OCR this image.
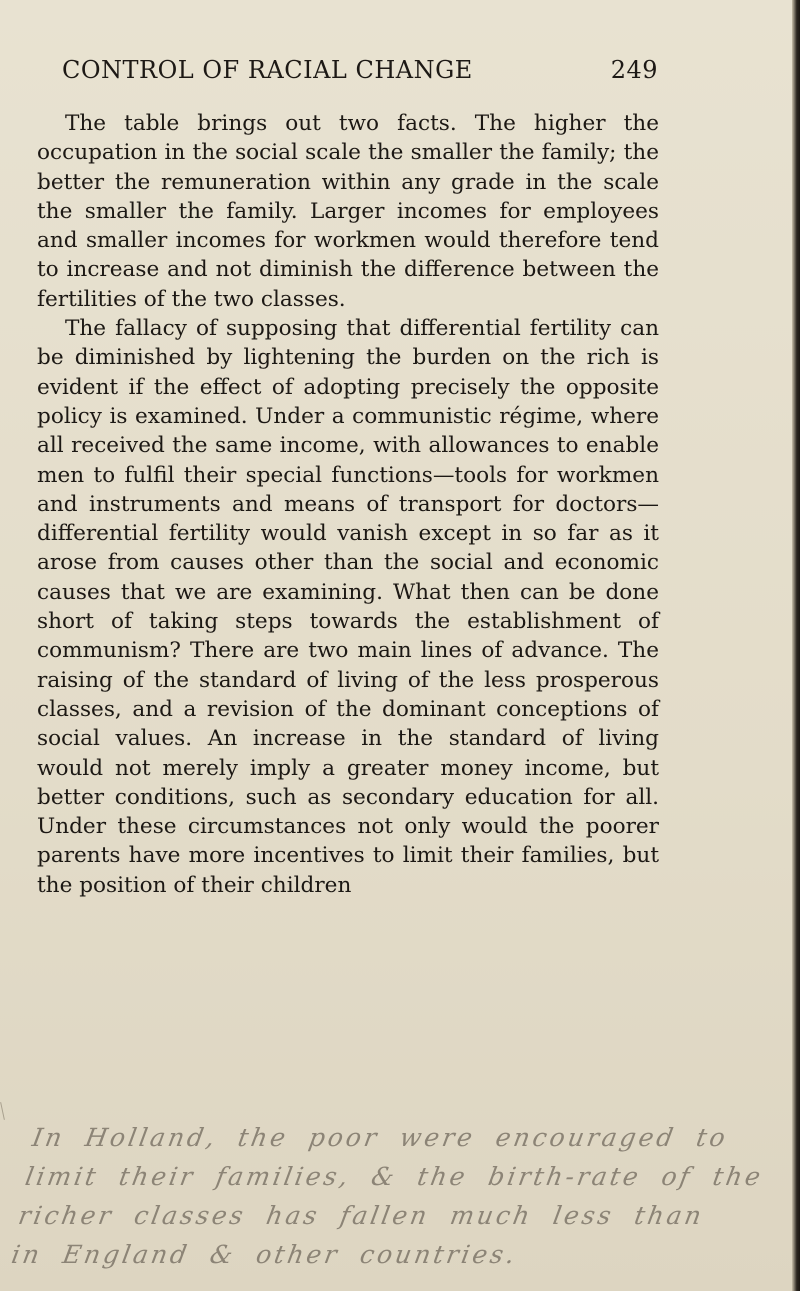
CONTROL OF RACIAL CHANGE	249

The table brings out two facts. The higher the occupation in the social scale the smaller the family; the better the remuneration within any grade in the scale the smaller the family. Larger incomes for employees and smaller incomes for workmen would therefore tend to increase and not diminish the difference between the fertilities of the two classes.

The fallacy of supposing that differential fertility can be diminished by lightening the burden on the rich is evident if the effect of adopting precisely the opposite policy is examined. Under a communistic régime, where all received the same income, with allowances to enable men to fulfil their special functions—tools for workmen and instruments and means of transport for doctors—differential fertility would vanish except in so far as it arose from causes other than the social and economic causes that we are examining. What then can be done short of taking steps towards the establishment of communism? There are two main lines of advance. The raising of the standard of living of the less prosperous classes, and a revision of the dominant conceptions of social values. An increase in the standard of living would not merely imply a greater money income, but better conditions, such as secondary education for all. Under these circumstances not only would the poorer parents have more incentives to limit their families, but the position of their children

In Holland, the poor were encouraged to
limit their families, & the birth-rate of the
richer classes has fallen much less than
in England & other countries.
